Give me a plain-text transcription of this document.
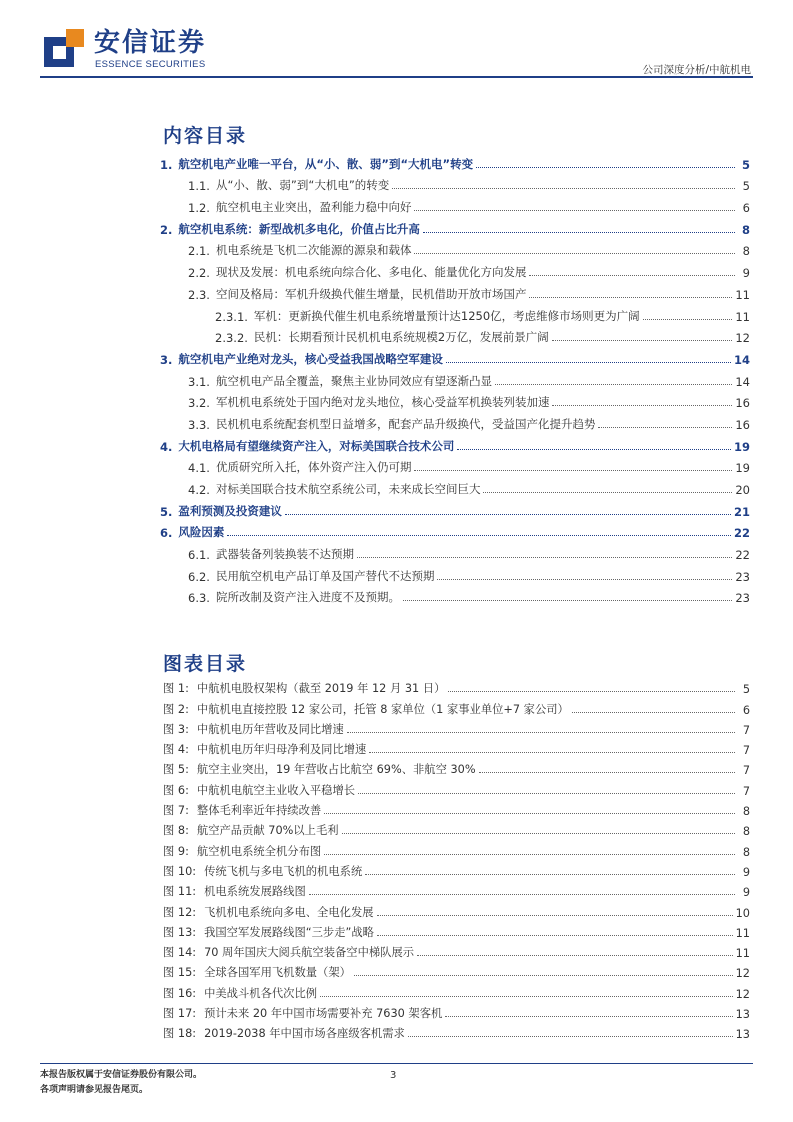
安信证券
ESSENCE SECURITIES	公司深度分析/中航机电
内容目录
1. 航空机电产业唯一平台，从“小、散、弱”到“大机电”转变	5
1.1. 从“小、散、弱”到“大机电”的转变	5
1.2. 航空机电主业突出，盈利能力稳中向好	6
2. 航空机电系统：新型战机多电化，价值占比升高	8
2.1. 机电系统是飞机二次能源的源泉和载体	8
2.2. 现状及发展：机电系统向综合化、多电化、能量优化方向发展	9
2.3. 空间及格局：军机升级换代催生增量，民机借助开放市场国产	11
2.3.1. 军机：更新换代催生机电系统增量预计达1250亿，考虑维修市场则更为广阔	11
2.3.2. 民机：长期看预计民机机电系统规模2万亿，发展前景广阔	12
3. 航空机电产业绝对龙头，核心受益我国战略空军建设	14
3.1. 航空机电产品全覆盖，聚焦主业协同效应有望逐渐凸显	14
3.2. 军机机电系统处于国内绝对龙头地位，核心受益军机换装列装加速	16
3.3. 民机机电系统配套机型日益增多，配套产品升级换代，受益国产化提升趋势	16
4. 大机电格局有望继续资产注入，对标美国联合技术公司	19
4.1. 优质研究所入托，体外资产注入仍可期	19
4.2. 对标美国联合技术航空系统公司，未来成长空间巨大	20
5. 盈利预测及投资建议	21
6. 风险因素	22
6.1. 武器装备列装换装不达预期	22
6.2. 民用航空机电产品订单及国产替代不达预期	23
6.3. 院所改制及资产注入进度不及预期。	23
图表目录
图 1: 中航机电股权架构（截至 2019 年 12 月 31 日）	5
图 2: 中航机电直接控股 12 家公司，托管 8 家单位（1 家事业单位+7 家公司）	6
图 3: 中航机电历年营收及同比增速	7
图 4: 中航机电历年归母净利及同比增速	7
图 5: 航空主业突出，19 年营收占比航空 69%、非航空 30%	7
图 6: 中航机电航空主业收入平稳增长	7
图 7: 整体毛利率近年持续改善	8
图 8: 航空产品贡献 70%以上毛利	8
图 9: 航空机电系统全机分布图	8
图 10: 传统飞机与多电飞机的机电系统	9
图 11: 机电系统发展路线图	9
图 12: 飞机机电系统向多电、全电化发展	10
图 13: 我国空军发展路线图“三步走”战略	11
图 14: 70 周年国庆大阅兵航空装备空中梯队展示	11
图 15: 全球各国军用飞机数量（架）	12
图 16: 中美战斗机各代次比例	12
图 17: 预计未来 20 年中国市场需要补充 7630 架客机	13
图 18: 2019-2038 年中国市场各座级客机需求	13
本报告版权属于安信证券股份有限公司。
各项声明请参见报告尾页。
3
